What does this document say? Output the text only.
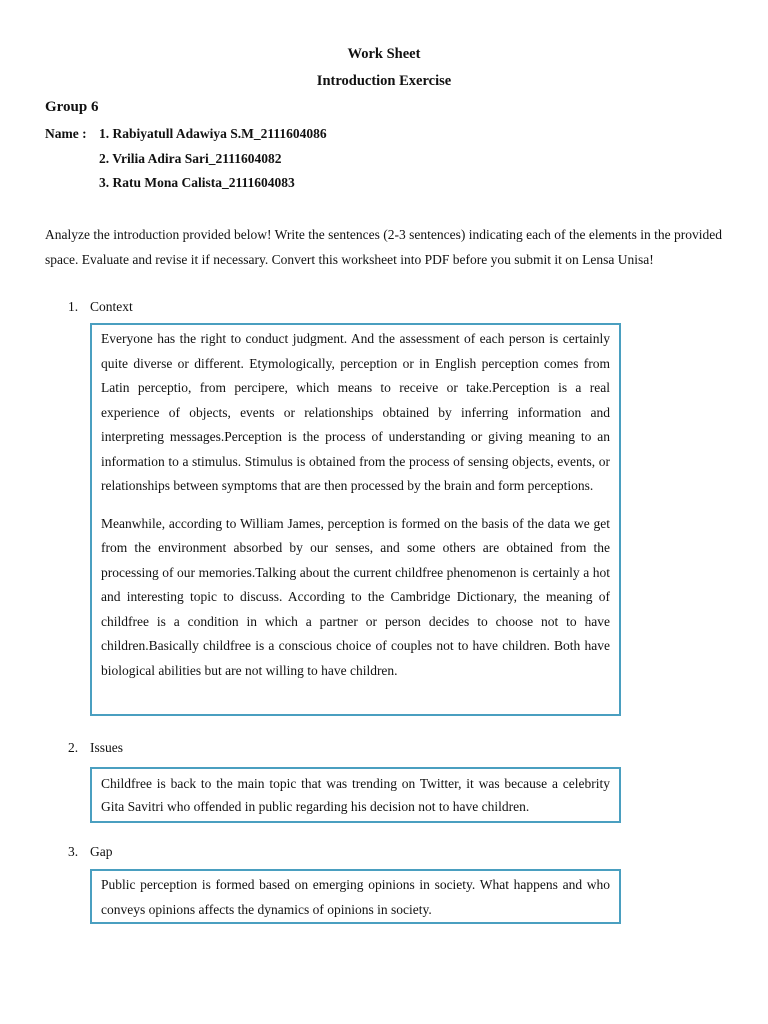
Work Sheet
Introduction Exercise
Group 6
Name : 1. Rabiyatull Adawiya S.M_2111604086
2. Vrilia Adira Sari_2111604082
3. Ratu Mona Calista_2111604083

Analyze the introduction provided below! Write the sentences (2-3 sentences) indicating each of the elements in the provided space. Evaluate and revise it if necessary. Convert this worksheet into PDF before you submit it on Lensa Unisa!

1. Context

Everyone has the right to conduct judgment. And the assessment of each person is certainly quite diverse or different. Etymologically, perception or in English perception comes from Latin perceptio, from percipere, which means to receive or take.Perception is a real experience of objects, events or relationships obtained by inferring information and interpreting messages.Perception is the process of understanding or giving meaning to an information to a stimulus. Stimulus is obtained from the process of sensing objects, events, or relationships between symptoms that are then processed by the brain and form perceptions.

Meanwhile, according to William James, perception is formed on the basis of the data we get from the environment absorbed by our senses, and some others are obtained from the processing of our memories.Talking about the current childfree phenomenon is certainly a hot and interesting topic to discuss. According to the Cambridge Dictionary, the meaning of childfree is a condition in which a partner or person decides to choose not to have children.Basically childfree is a conscious choice of couples not to have children. Both have biological abilities but are not willing to have children.

2. Issues

Childfree is back to the main topic that was trending on Twitter, it was because a celebrity Gita Savitri who offended in public regarding his decision not to have children.

3. Gap

Public perception is formed based on emerging opinions in society. What happens and who conveys opinions affects the dynamics of opinions in society.
